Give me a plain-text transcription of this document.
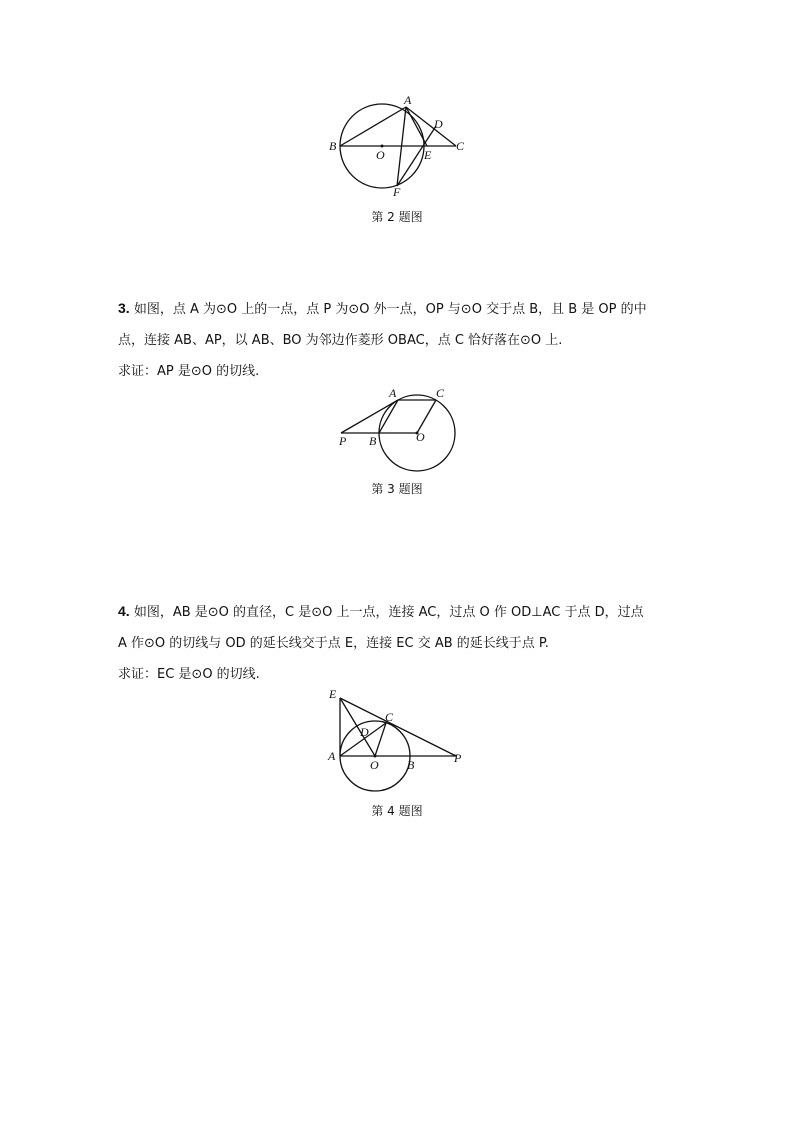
A
B
O	E
C
D
F
第 2 题图

3. 如图，点 A 为⊙O 上的一点，点 P 为⊙O 外一点，OP 与⊙O 交于点 B，且 B 是 OP 的中
点，连接 AB、AP，以 AB、BO 为邻边作菱形 OBAC，点 C 恰好落在⊙O 上.
求证：AP 是⊙O 的切线.

A	C
P B	O
第 3 题图

4. 如图，AB 是⊙O 的直径，C 是⊙O 上一点，连接 AC，过点 O 作 OD⊥AC 于点 D，过点
A 作⊙O 的切线与 OD 的延长线交于点 E，连接 EC 交 AB 的延长线于点 P.
求证：EC 是⊙O 的切线.

E
C
D
A
O B	P
第 4 题图
